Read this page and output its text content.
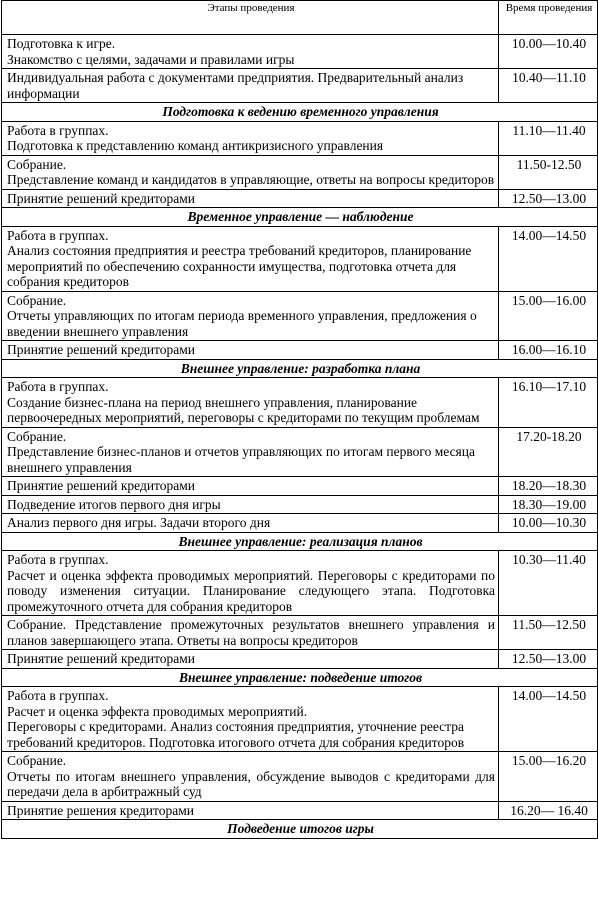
Этапы проведения	Время проведения

Подготовка к игре.
Знакомство с целями, задачами и правилами игры	10.00—10.40

Индивидуальная работа с документами предприятия. Предварительный анализ информации	10.40—11.10
Подготовка к ведению временного управления	

Работа в группах.
Подготовка к представлению команд антикризисного управления	11.10—11.40

Собрание.
Представление команд и кандидатов в управляющие, ответы на вопросы кредиторов	11.50-12.50

Принятие решений кредиторами	12.50—13.00
Временное управление — наблюдение	

Работа в группах.
Анализ состояния предприятия и реестра требований кредиторов, планирование мероприятий по обеспечению сохранности имущества, подготовка отчета для собрания кредиторов	14.00—14.50

Собрание.
Отчеты управляющих по итогам периода временного управления, предложения о введении внешнего управления	15.00—16.00

Принятие решений кредиторами	16.00—16.10
Внешнее управление: разработка плана	

Работа в группах.
Создание бизнес-плана на период внешнего управления, планирование первоочередных мероприятий, переговоры с кредиторами по текущим проблемам	16.10—17.10

Собрание.
Представление бизнес-планов и отчетов управляющих по итогам первого месяца внешнего управления	17.20-18.20

Принятие решений кредиторами	18.20—18.30

Подведение итогов первого дня игры	18.30—19.00

Анализ первого дня игры. Задачи второго дня	10.00—10.30
Внешнее управление: реализация планов	

Работа в группах.
Расчет и оценка эффекта проводимых мероприятий. Переговоры с кредиторами по поводу изменения ситуации. Планирование следующего этапа. Подготовка промежуточного отчета для собрания кредиторов	10.30—11.40

Собрание. Представление промежуточных результатов внешнего управления и планов завершающего этапа. Ответы на вопросы кредиторов	11.50—12.50

Принятие решений кредиторами	12.50—13.00
Внешнее управление: подведение итогов	

Работа в группах.
Расчет и оценка эффекта проводимых мероприятий.
Переговоры с кредиторами. Анализ состояния предприятия, уточнение реестра требований кредиторов. Подготовка итогового отчета для собрания кредиторов	14.00—14.50

Собрание.
Отчеты по итогам внешнего управления, обсуждение выводов с кредиторами для передачи дела в арбитражный суд	15.00—16.20

Принятие решения кредиторами	16.20— 16.40
Подведение итогов игры	
